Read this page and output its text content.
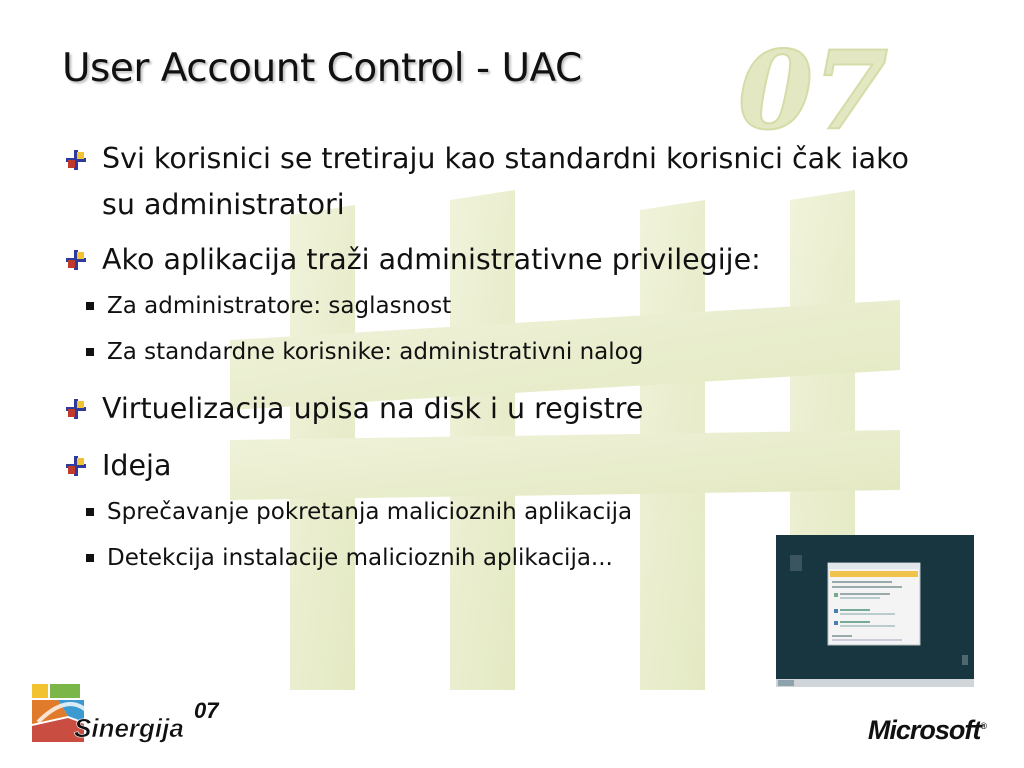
07
User Account Control - UAC
Svi korisnici se tretiraju kao standardni korisnici čak iako su administratori
Ako aplikacija traži administrativne privilegije:
Za administratore: saglasnost
Za standardne korisnike: administrativni nalog
Virtuelizacija upisa na disk i u registre
Ideja
Sprečavanje pokretanja malicioznih aplikacija
Detekcija instalacije malicioznih aplikacija...
Sinergija
07
Microsoft®
